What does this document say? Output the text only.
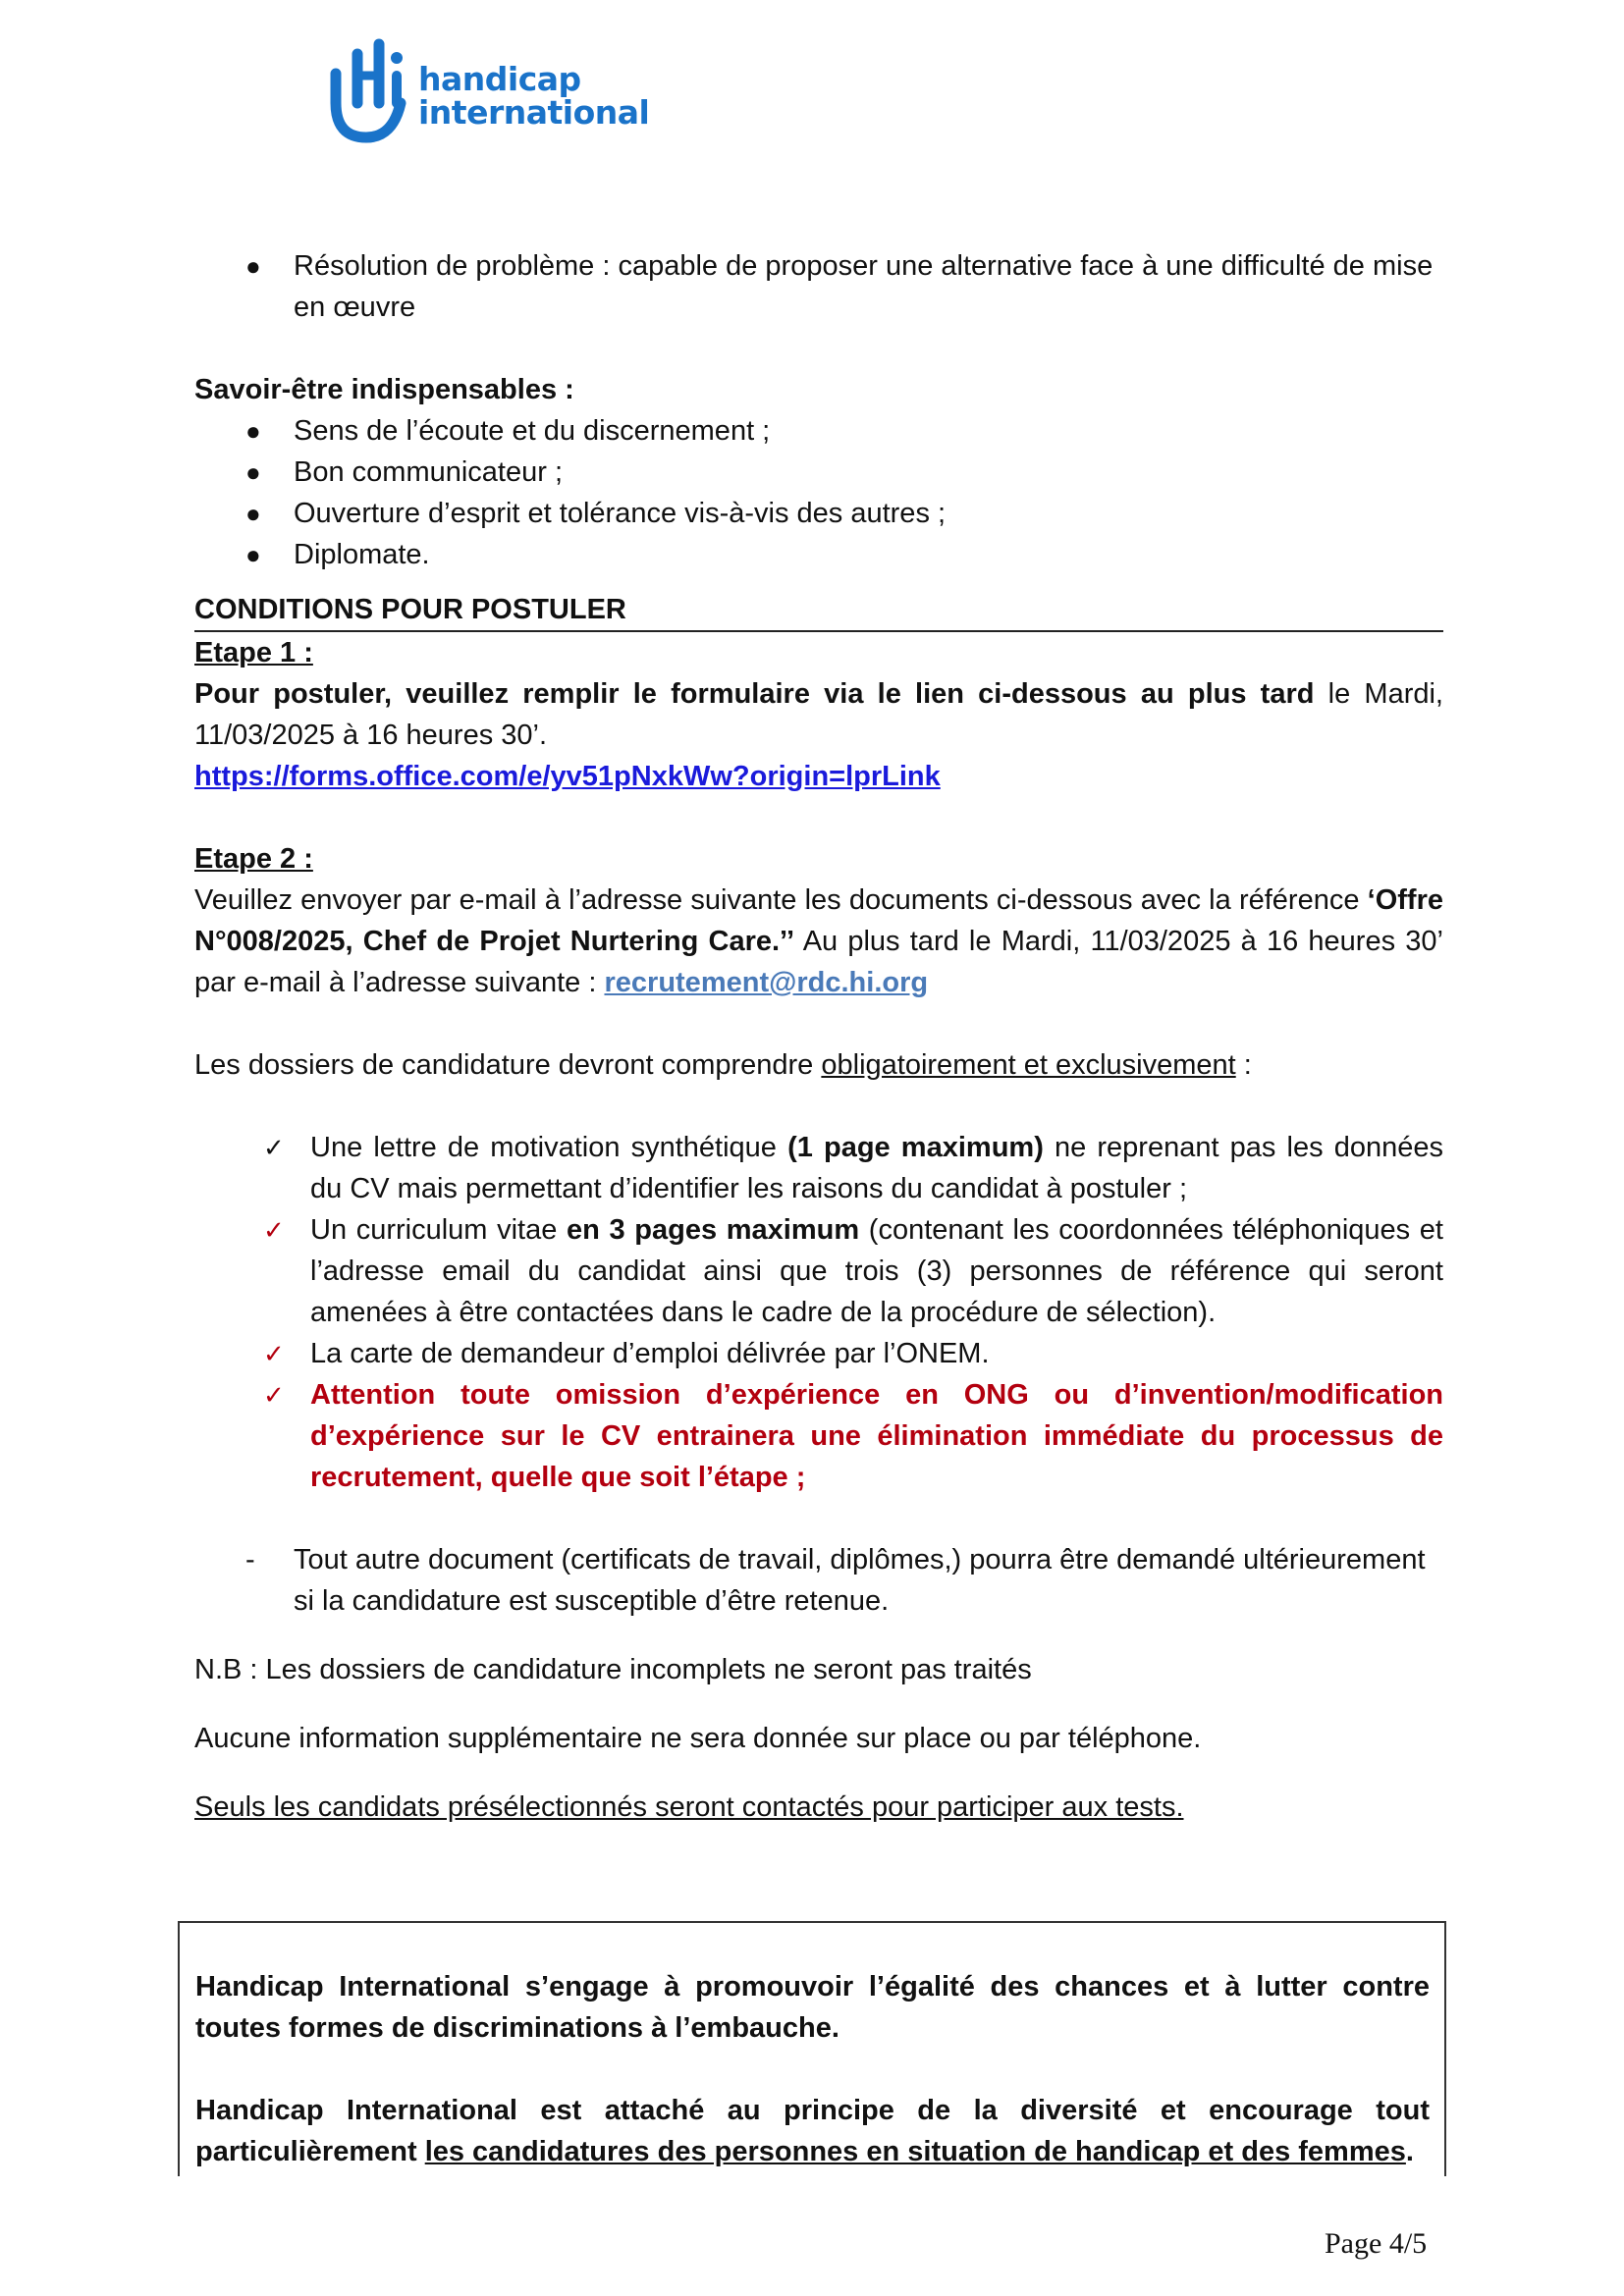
handicap
international
● Résolution de problème : capable de proposer une alternative face à une difficulté de mise en œuvre
Savoir-être indispensables :
● Sens de l’écoute et du discernement ;
● Bon communicateur ;
● Ouverture d’esprit et tolérance vis-à-vis des autres ;
● Diplomate.
CONDITIONS POUR POSTULER
Etape 1 :

Pour postuler, veuillez remplir le formulaire via le lien ci-dessous au plus tard le Mardi, 11/03/2025 à 16 heures 30’.

https://forms.office.com/e/yv51pNxkWw?origin=lprLink
Etape 2 :

Veuillez envoyer par e-mail à l’adresse suivante les documents ci-dessous avec la référence ‘Offre N°008/2025, Chef de Projet Nurtering Care.’’ Au plus tard le Mardi, 11/03/2025 à 16 heures 30’ par e-mail à l’adresse suivante : recrutement@rdc.hi.org

Les dossiers de candidature devront comprendre obligatoirement et exclusivement :

✓ Une lettre de motivation synthétique (1 page maximum) ne reprenant pas les données du CV mais permettant d’identifier les raisons du candidat à postuler ;
✓ Un curriculum vitae en 3 pages maximum (contenant les coordonnées téléphoniques et l’adresse email du candidat ainsi que trois (3) personnes de référence qui seront amenées à être contactées dans le cadre de la procédure de sélection).
✓ La carte de demandeur d’emploi délivrée par l’ONEM.
✓ Attention toute omission d’expérience en ONG ou d’invention/modification d’expérience sur le CV entrainera une élimination immédiate du processus de recrutement, quelle que soit l’étape ;
- Tout autre document (certificats de travail, diplômes,) pourra être demandé ultérieurement si la candidature est susceptible d’être retenue.

N.B : Les dossiers de candidature incomplets ne seront pas traités

Aucune information supplémentaire ne sera donnée sur place ou par téléphone.

Seuls les candidats présélectionnés seront contactés pour participer aux tests.

Handicap International s’engage à promouvoir l’égalité des chances et à lutter contre toutes formes de discriminations à l’embauche.

Handicap International est attaché au principe de la diversité et encourage tout particulièrement les candidatures des personnes en situation de handicap et des femmes.

Page 4/5
